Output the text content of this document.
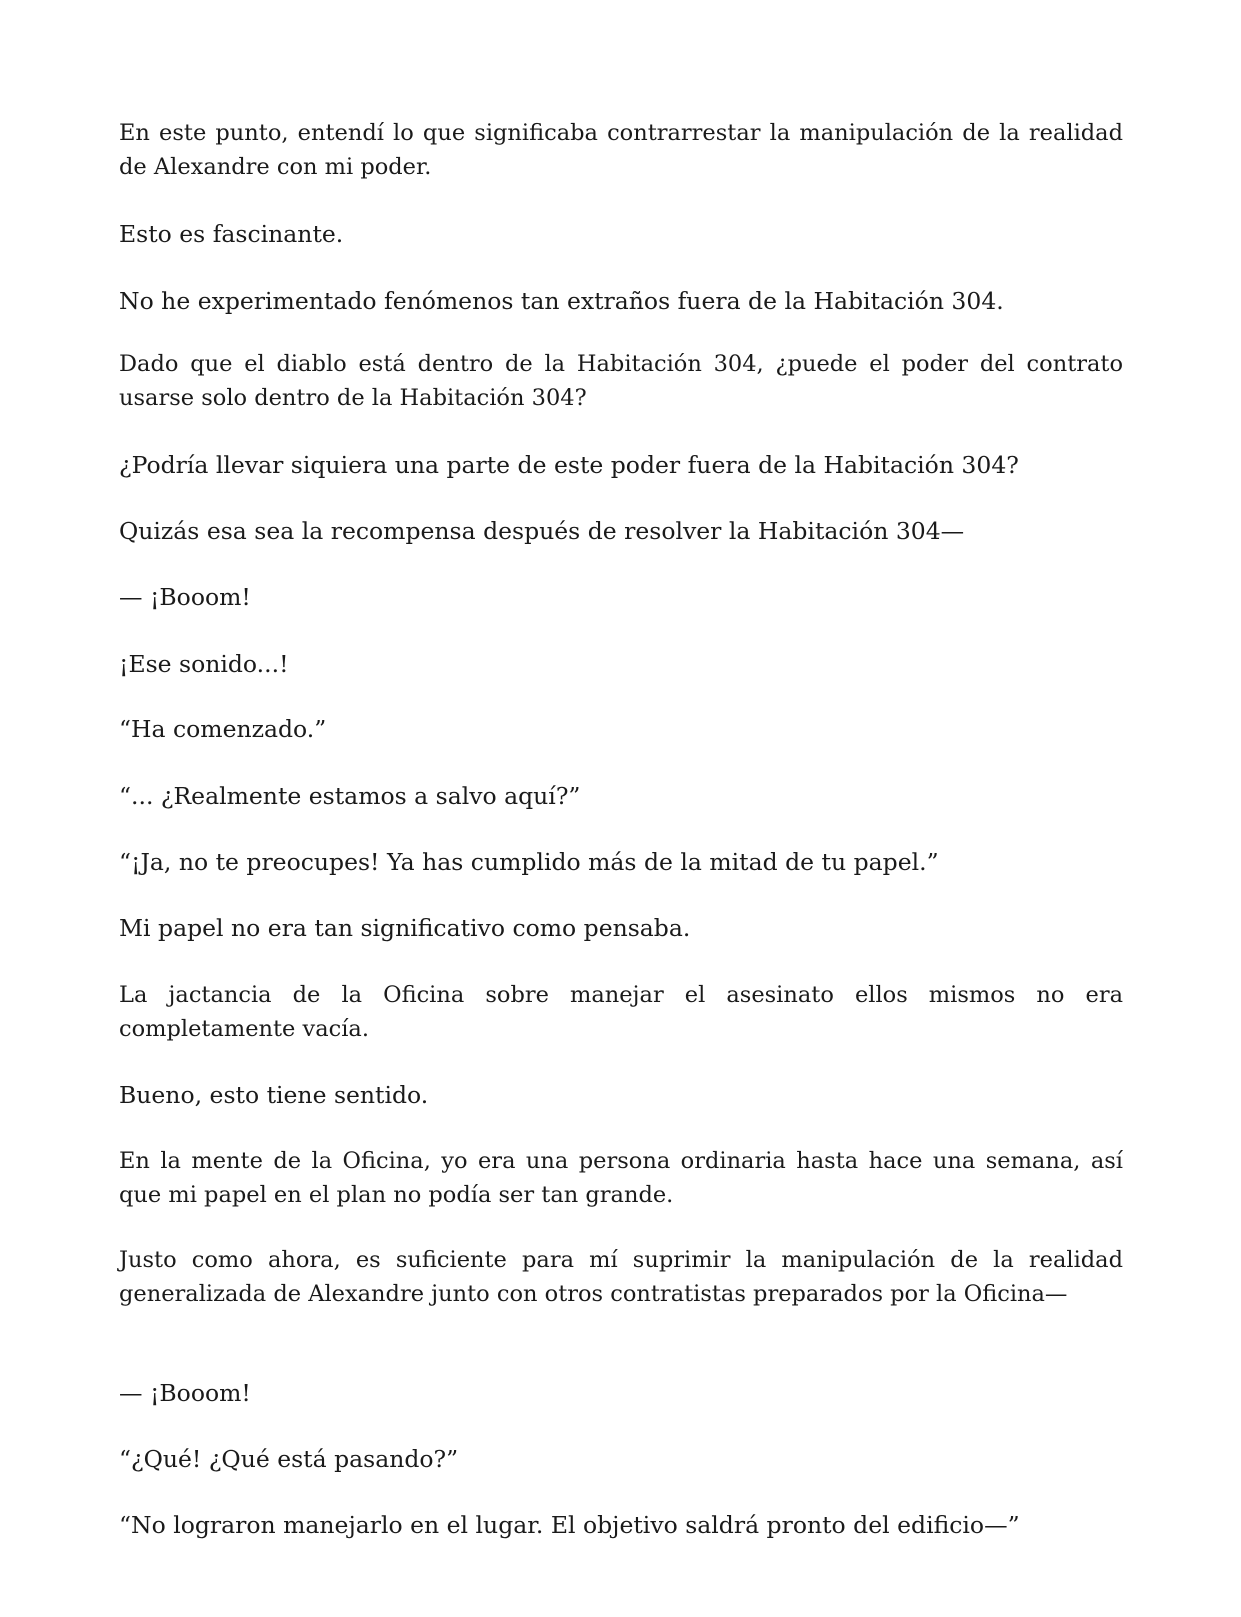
En este punto, entendí lo que significaba contrarrestar la manipulación de la realidad de Alexandre con mi poder.

Esto es fascinante.

No he experimentado fenómenos tan extraños fuera de la Habitación 304.

Dado que el diablo está dentro de la Habitación 304, ¿puede el poder del contrato usarse solo dentro de la Habitación 304?

¿Podría llevar siquiera una parte de este poder fuera de la Habitación 304?

Quizás esa sea la recompensa después de resolver la Habitación 304—

— ¡Booom!

¡Ese sonido...!

“Ha comenzado.”

“... ¿Realmente estamos a salvo aquí?”

“¡Ja, no te preocupes! Ya has cumplido más de la mitad de tu papel.”

Mi papel no era tan significativo como pensaba.

La jactancia de la Oficina sobre manejar el asesinato ellos mismos no era completamente vacía.

Bueno, esto tiene sentido.

En la mente de la Oficina, yo era una persona ordinaria hasta hace una semana, así que mi papel en el plan no podía ser tan grande.

Justo como ahora, es suficiente para mí suprimir la manipulación de la realidad generalizada de Alexandre junto con otros contratistas preparados por la Oficina—

— ¡Booom!

“¿Qué! ¿Qué está pasando?”

“No lograron manejarlo en el lugar. El objetivo saldrá pronto del edificio—”
